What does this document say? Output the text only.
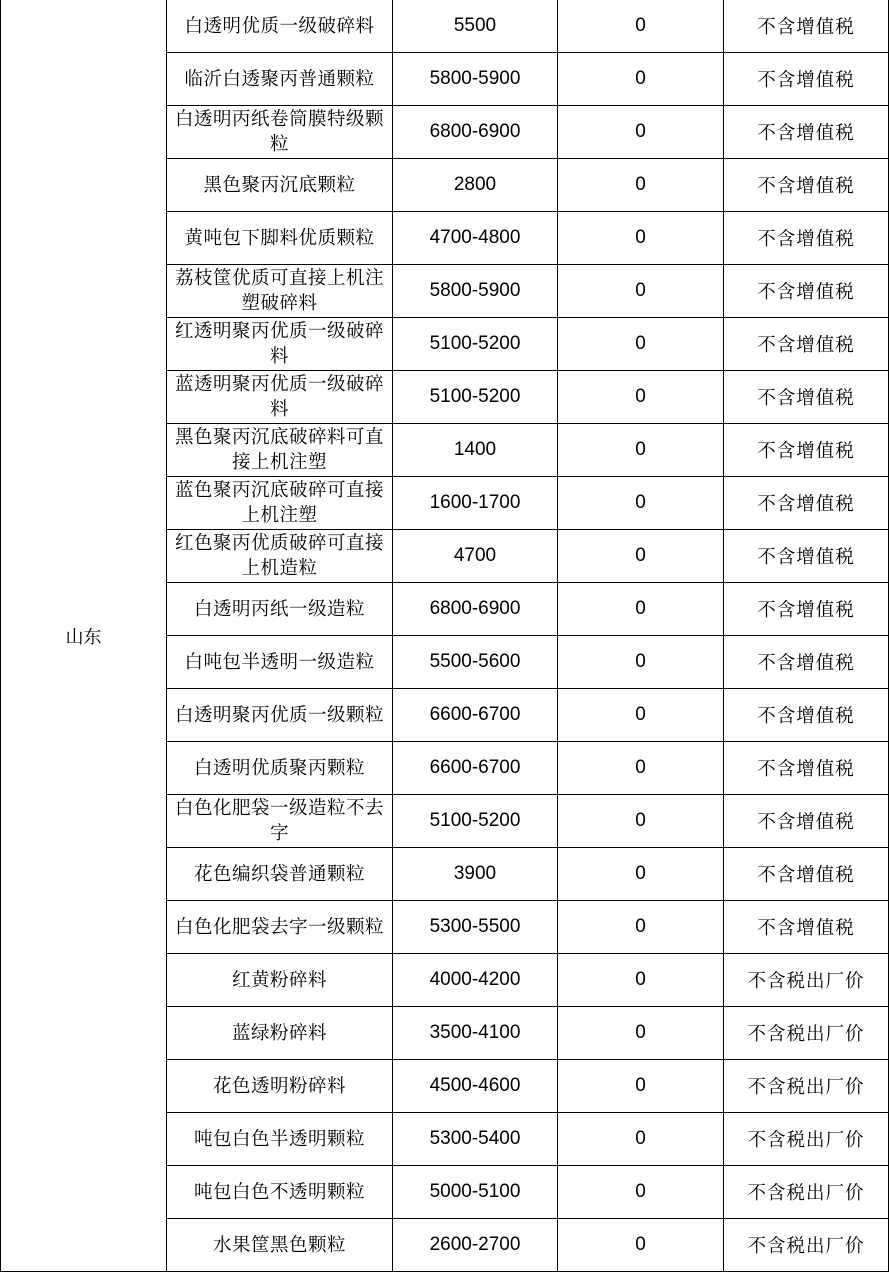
山东	白透明优质一级破碎料	5500	0	不含增值税
	临沂白透聚丙普通颗粒	5800-5900	0	不含增值税
	白透明丙纸卷筒膜特级颗粒	6800-6900	0	不含增值税
	黑色聚丙沉底颗粒	2800	0	不含增值税
	黄吨包下脚料优质颗粒	4700-4800	0	不含增值税
	荔枝筐优质可直接上机注塑破碎料	5800-5900	0	不含增值税
	红透明聚丙优质一级破碎料	5100-5200	0	不含增值税
	蓝透明聚丙优质一级破碎料	5100-5200	0	不含增值税
	黑色聚丙沉底破碎料可直接上机注塑	1400	0	不含增值税
	蓝色聚丙沉底破碎可直接上机注塑	1600-1700	0	不含增值税
	红色聚丙优质破碎可直接上机造粒	4700	0	不含增值税
	白透明丙纸一级造粒	6800-6900	0	不含增值税
	白吨包半透明一级造粒	5500-5600	0	不含增值税
	白透明聚丙优质一级颗粒	6600-6700	0	不含增值税
	白透明优质聚丙颗粒	6600-6700	0	不含增值税
	白色化肥袋一级造粒不去字	5100-5200	0	不含增值税
	花色编织袋普通颗粒	3900	0	不含增值税
	白色化肥袋去字一级颗粒	5300-5500	0	不含增值税
	红黄粉碎料	4000-4200	0	不含税出厂价
	蓝绿粉碎料	3500-4100	0	不含税出厂价
	花色透明粉碎料	4500-4600	0	不含税出厂价
	吨包白色半透明颗粒	5300-5400	0	不含税出厂价
	吨包白色不透明颗粒	5000-5100	0	不含税出厂价
	水果筐黑色颗粒	2600-2700	0	不含税出厂价
